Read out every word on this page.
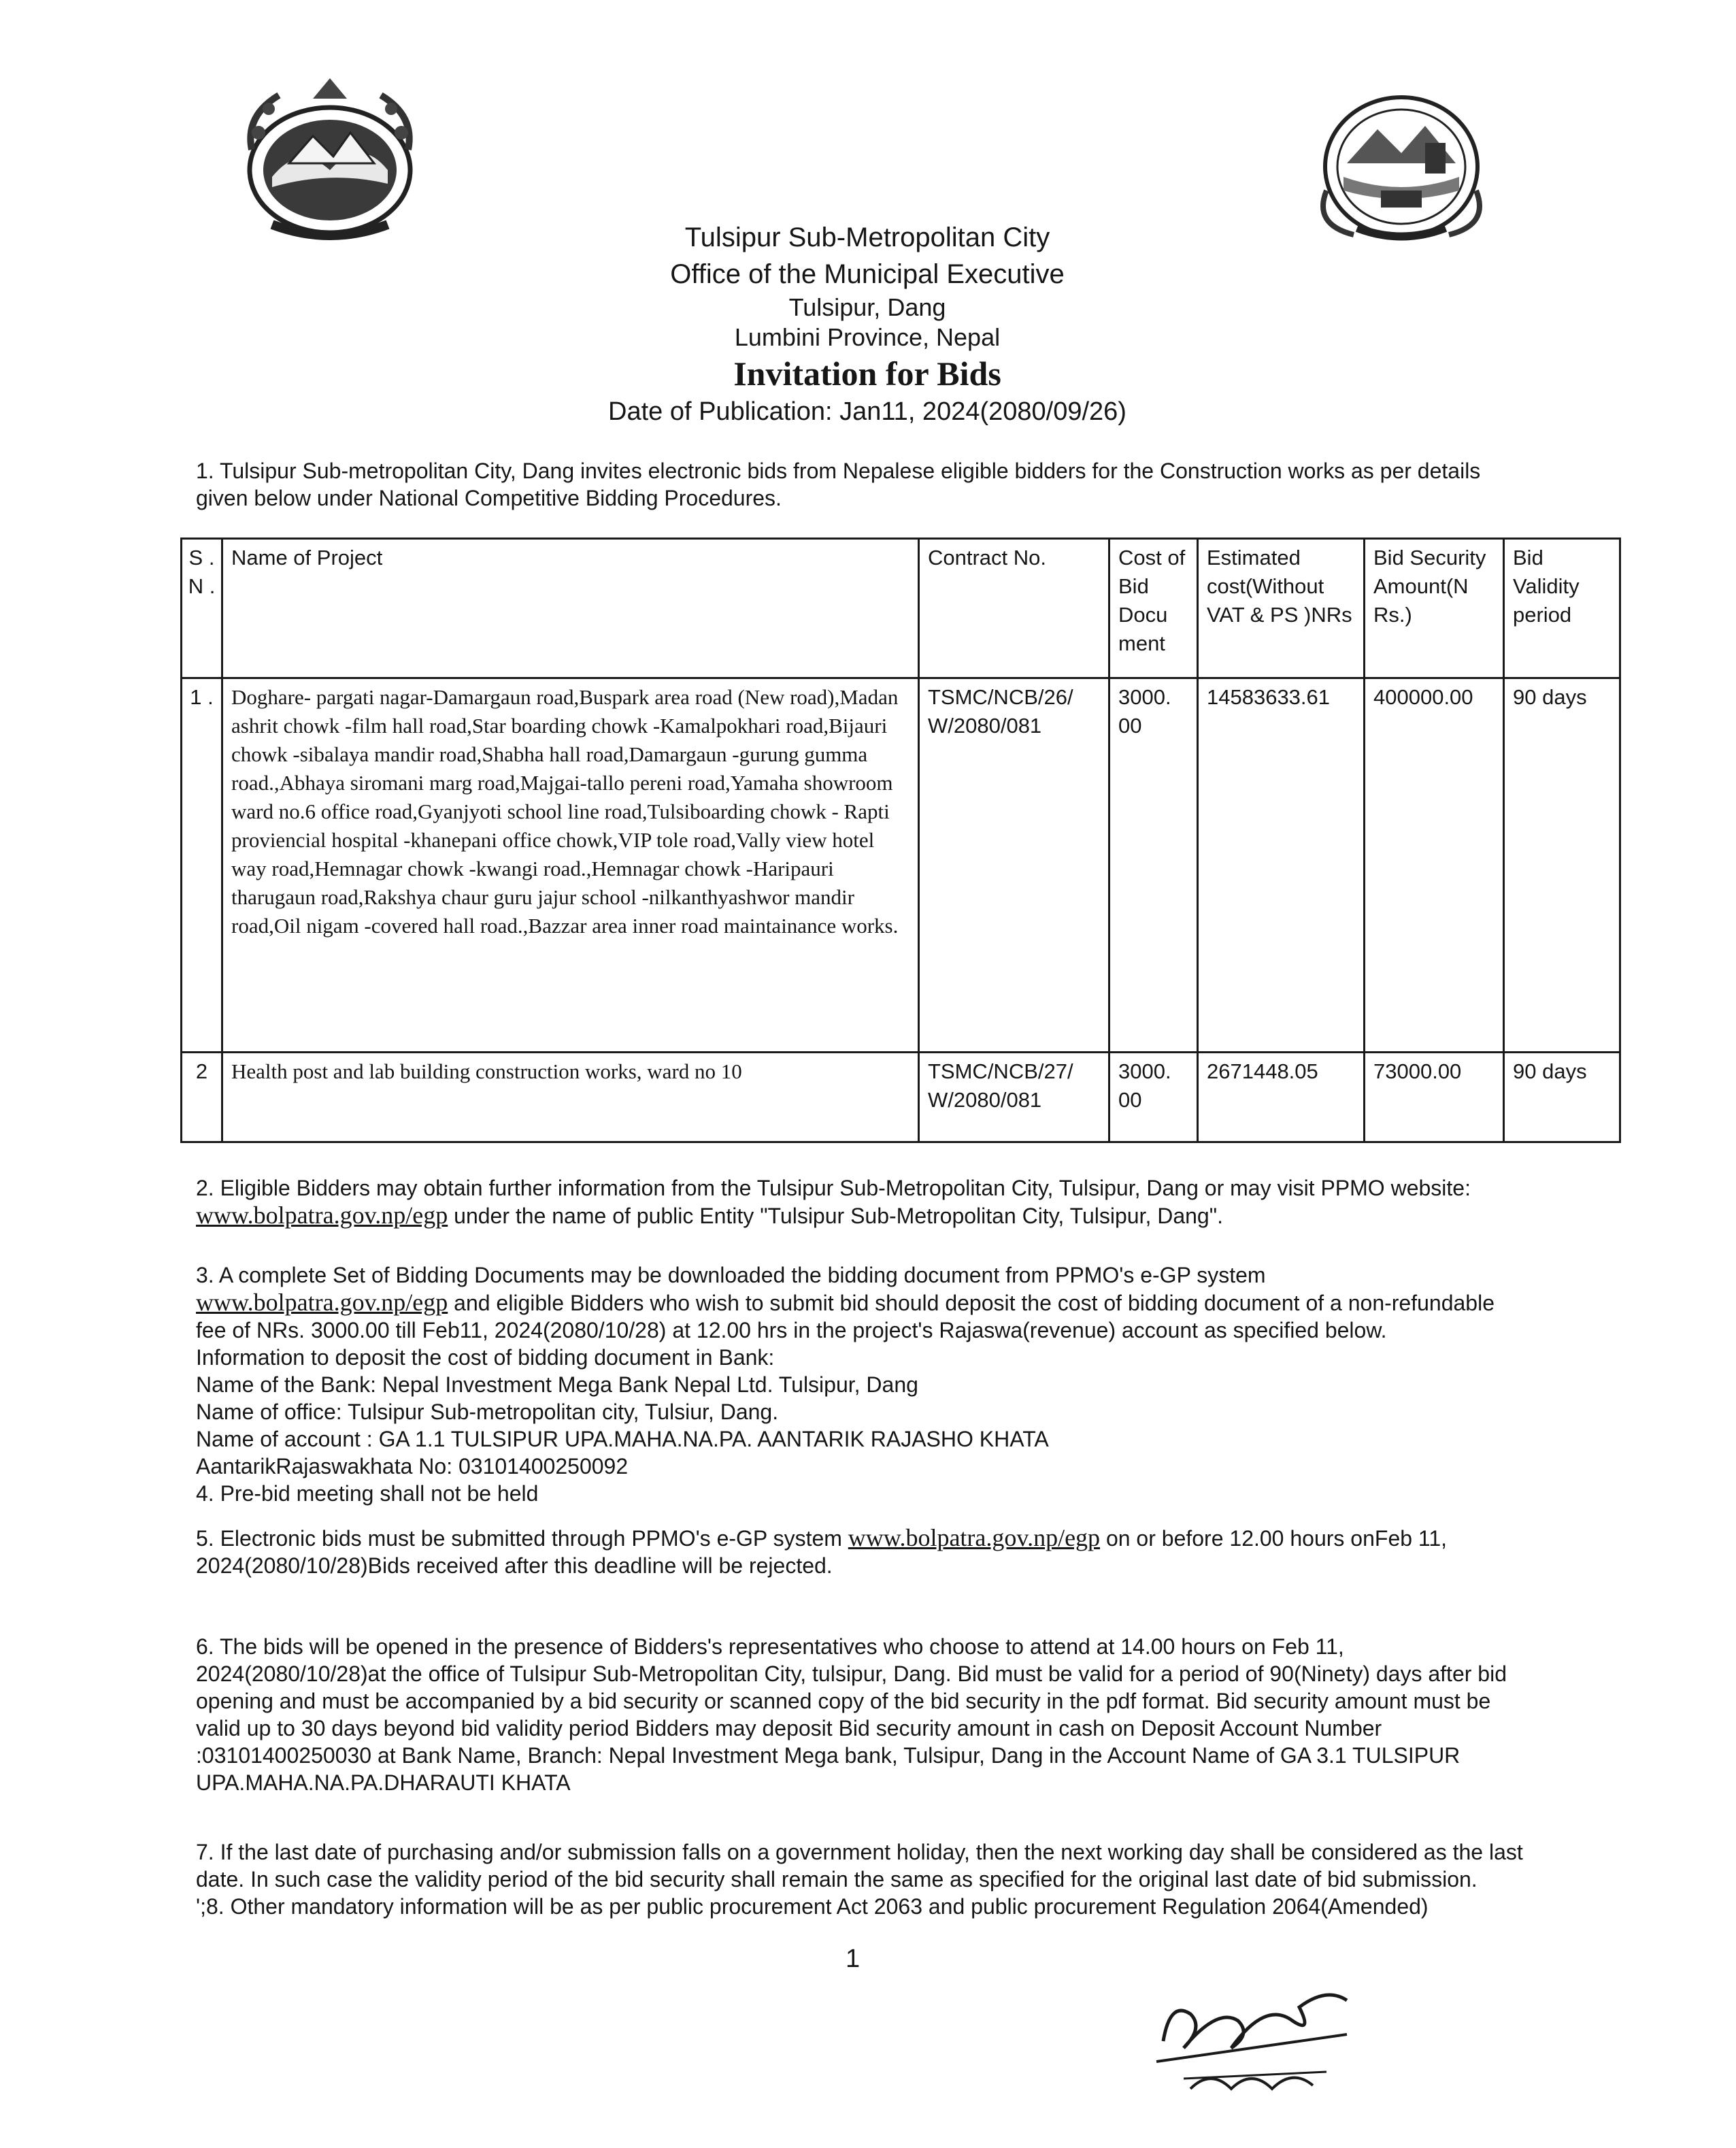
Tulsipur Sub-Metropolitan City
Office of the Municipal Executive
Tulsipur, Dang
Lumbini Province, Nepal
Invitation for Bids
Date of Publication: Jan11, 2024(2080/09/26)
1. Tulsipur Sub-metropolitan City, Dang invites electronic bids from Nepalese eligible bidders for the Construction works as per details given below under National Competitive Bidding Procedures.
S . N .	Name of Project	Contract No.	Cost of Bid Docu ment	Estimated cost(Without VAT & PS )NRs	Bid Security Amount(N Rs.)	Bid Validity period
1 .	Doghare- pargati nagar-Damargaun road,Buspark area road (New road),Madan ashrit chowk -film hall road,Star boarding chowk -Kamalpokhari road,Bijauri chowk -sibalaya mandir road,Shabha hall road,Damargaun -gurung gumma road.,Abhaya siromani marg road,Majgai-tallo pereni road,Yamaha showroom ward no.6 office road,Gyanjyoti school line road,Tulsiboarding chowk - Rapti proviencial hospital -khanepani office chowk,VIP tole road,Vally view hotel way road,Hemnagar chowk -kwangi road.,Hemnagar chowk -Haripauri tharugaun road,Rakshya chaur guru jajur school -nilkanthyashwor mandir road,Oil nigam -covered hall road.,Bazzar area inner road maintainance works.	TSMC/NCB/26/ W/2080/081	3000. 00	14583633.61	400000.00	90 days
2	Health post and lab building construction works, ward no 10	TSMC/NCB/27/ W/2080/081	3000. 00	2671448.05	73000.00	90 days
2. Eligible Bidders may obtain further information from the Tulsipur Sub-Metropolitan City, Tulsipur, Dang or may visit PPMO website:
www.bolpatra.gov.np/egp under the name of public Entity "Tulsipur Sub-Metropolitan City, Tulsipur, Dang".
3. A complete Set of Bidding Documents may be downloaded the bidding document from PPMO's e-GP system
www.bolpatra.gov.np/egp and eligible Bidders who wish to submit bid should deposit the cost of bidding document of a non-refundable fee of NRs. 3000.00 till Feb11, 2024(2080/10/28) at 12.00 hrs in the project's Rajaswa(revenue) account as specified below.
Information to deposit the cost of bidding document in Bank:
Name of the Bank: Nepal Investment Mega Bank Nepal Ltd. Tulsipur, Dang
Name of office: Tulsipur Sub-metropolitan city, Tulsiur, Dang.
Name of account : GA 1.1 TULSIPUR UPA.MAHA.NA.PA. AANTARIK RAJASHO KHATA
AantarikRajaswakhata No: 03101400250092
4. Pre-bid meeting shall not be held
5. Electronic bids must be submitted through PPMO's e-GP system www.bolpatra.gov.np/egp on or before 12.00 hours onFeb 11, 2024(2080/10/28)Bids received after this deadline will be rejected.
6. The bids will be opened in the presence of Bidders's representatives who choose to attend at 14.00 hours on Feb 11, 2024(2080/10/28)at the office of Tulsipur Sub-Metropolitan City, tulsipur, Dang. Bid must be valid for a period of 90(Ninety) days after bid opening and must be accompanied by a bid security or scanned copy of the bid security in the pdf format. Bid security amount must be valid up to 30 days beyond bid validity period Bidders may deposit Bid security amount in cash on Deposit Account Number :03101400250030 at Bank Name, Branch: Nepal Investment Mega bank, Tulsipur, Dang in the Account Name of GA 3.1 TULSIPUR UPA.MAHA.NA.PA.DHARAUTI KHATA
7. If the last date of purchasing and/or submission falls on a government holiday, then the next working day shall be considered as the last date. In such case the validity period of the bid security shall remain the same as specified for the original last date of bid submission.
';8. Other mandatory information will be as per public procurement Act 2063 and public procurement Regulation 2064(Amended)
1
